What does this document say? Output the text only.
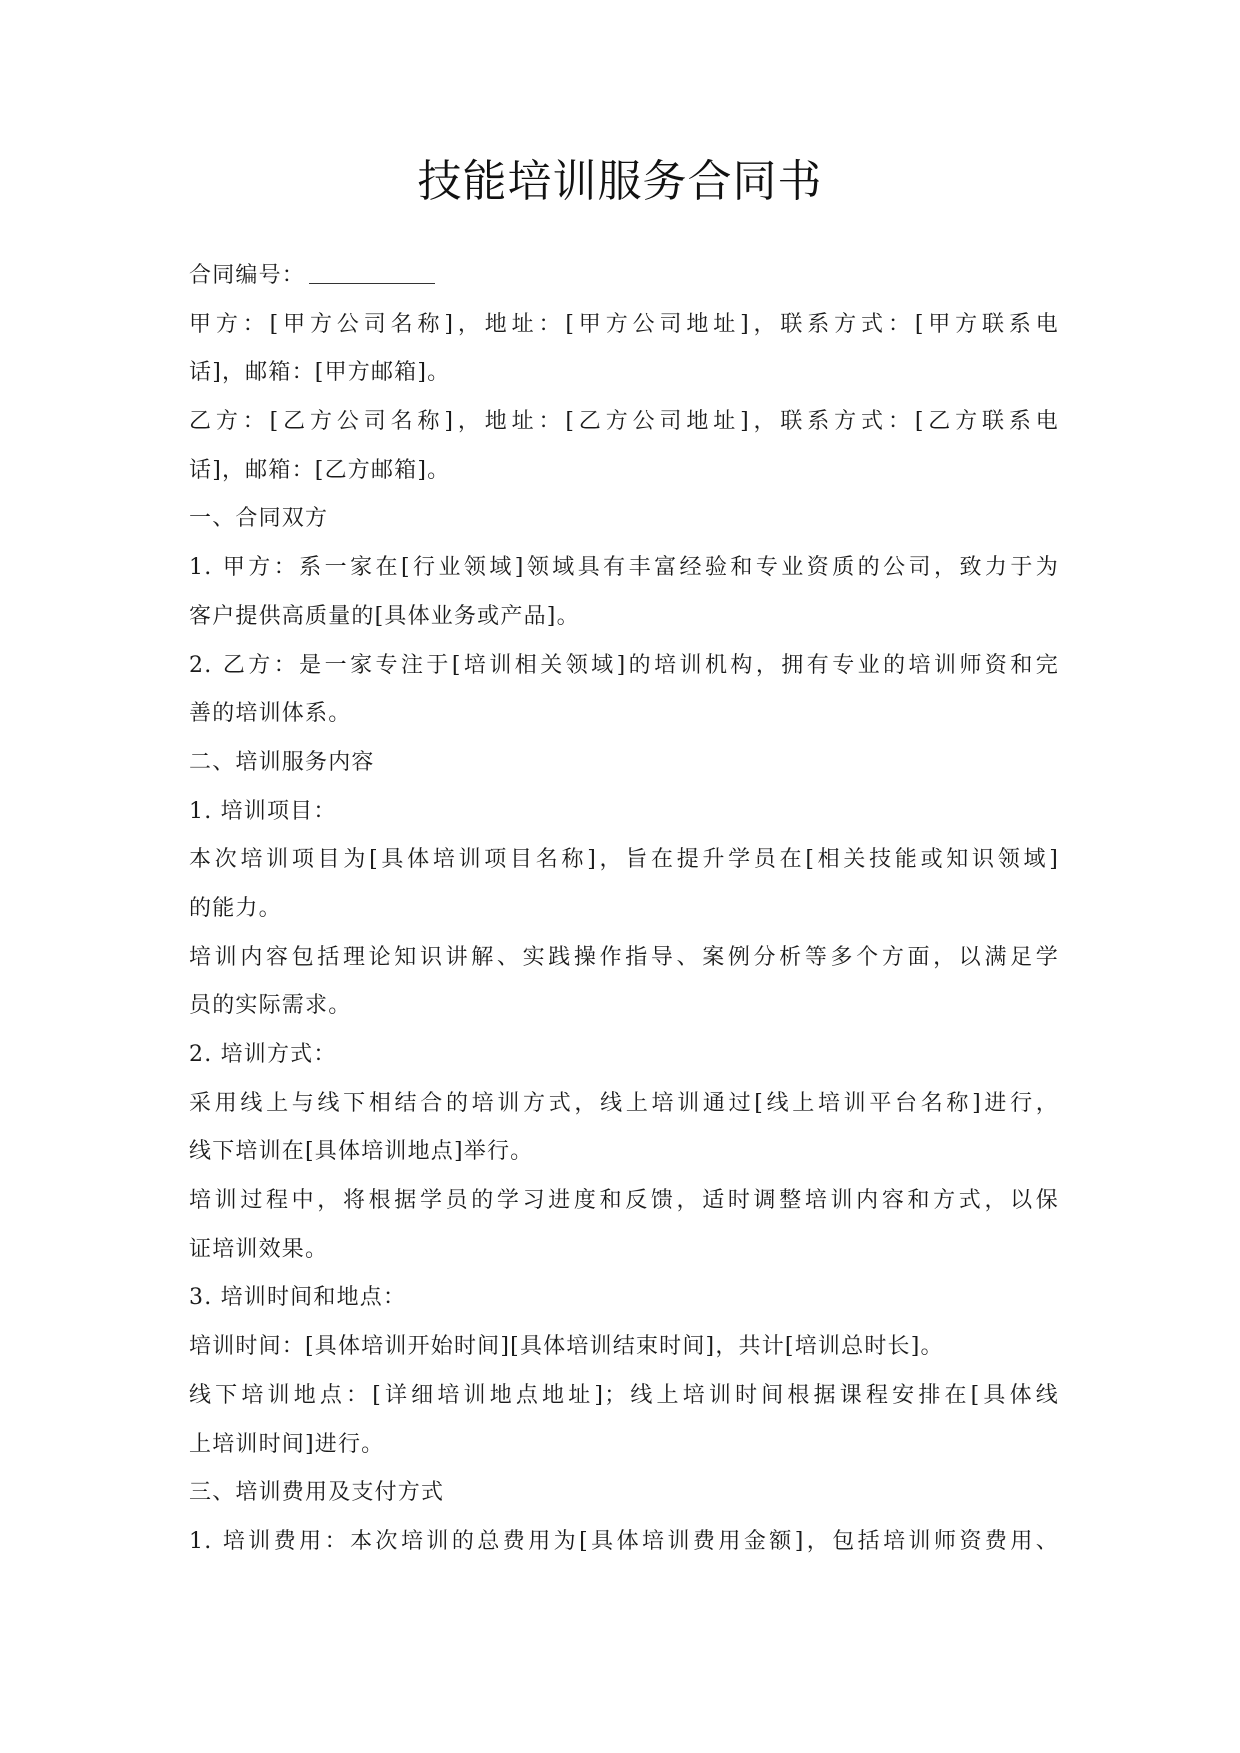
技能培训服务合同书
合同编号：
甲方：[甲方公司名称]，地址：[甲方公司地址]，联系方式：[甲方联系电
话]，邮箱：[甲方邮箱]。
乙方：[乙方公司名称]，地址：[乙方公司地址]，联系方式：[乙方联系电
话]，邮箱：[乙方邮箱]。
一、合同双方
1. 甲方：系一家在[行业领域]领域具有丰富经验和专业资质的公司，致力于为
客户提供高质量的[具体业务或产品]。
2. 乙方：是一家专注于[培训相关领域]的培训机构，拥有专业的培训师资和完
善的培训体系。
二、培训服务内容
1. 培训项目：
本次培训项目为[具体培训项目名称]，旨在提升学员在[相关技能或知识领域]
的能力。
培训内容包括理论知识讲解、实践操作指导、案例分析等多个方面，以满足学
员的实际需求。
2. 培训方式：
采用线上与线下相结合的培训方式，线上培训通过[线上培训平台名称]进行，
线下培训在[具体培训地点]举行。
培训过程中，将根据学员的学习进度和反馈，适时调整培训内容和方式，以保
证培训效果。
3. 培训时间和地点：
培训时间：[具体培训开始时间][具体培训结束时间]，共计[培训总时长]。
线下培训地点：[详细培训地点地址]；线上培训时间根据课程安排在[具体线
上培训时间]进行。
三、培训费用及支付方式
1. 培训费用：本次培训的总费用为[具体培训费用金额]，包括培训师资费用、
